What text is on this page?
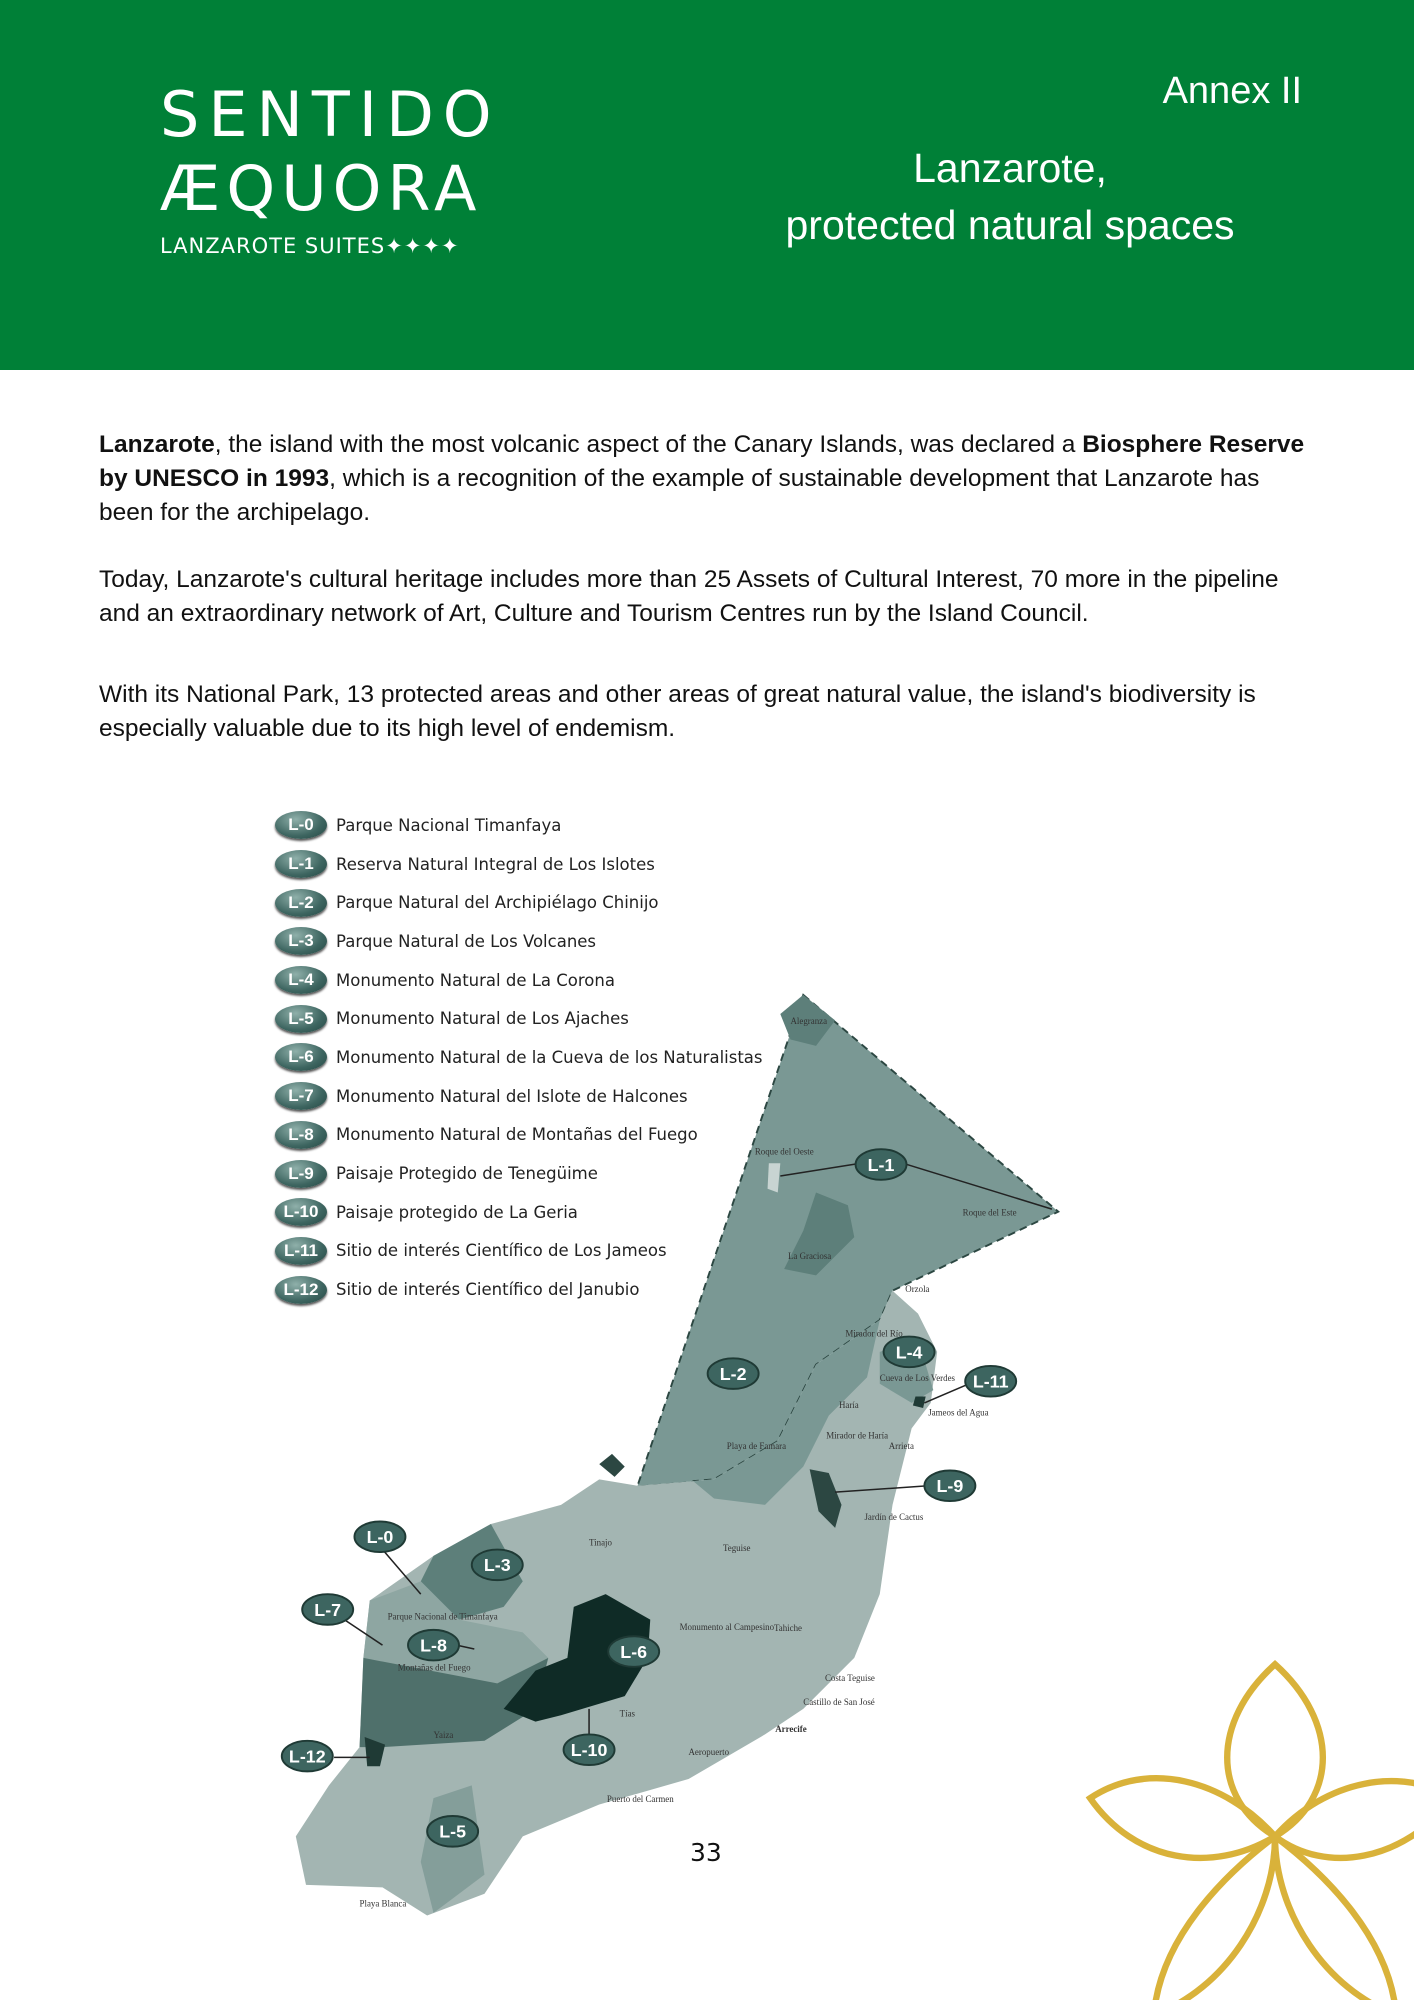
SENTIDO
ÆQUORA
LANZAROTE SUITES✦✦✦✦
Annex II
Lanzarote,
protected natural spaces
Lanzarote, the island with the most volcanic aspect of the Canary Islands, was declared a Biosphere Reserve by UNESCO in 1993, which is a recognition of the example of sustainable development that Lanzarote has been for the archipelago.
Today, Lanzarote's cultural heritage includes more than 25 Assets of Cultural Interest, 70 more in the pipeline and an extraordinary network of Art, Culture and Tourism Centres run by the Island Council.
With its National Park, 13 protected areas and other areas of great natural value, the island's biodiversity is especially valuable due to its high level of endemism.
Alegranza
Roque del Oeste
Roque del Este
La Graciosa
Orzola
Mirador del Río
Cueva de Los Verdes
Haría
Jameos del Agua
Playa de Famara
Mirador de Haría
Arrieta
Jardín de Cactus
Tinajo
Teguise
Parque Nacional de Timanfaya
Montañas del Fuego
Monumento al Campesino Tahiche
Costa Teguise
Castillo de San José
Arrecife
Tías
Yaiza
Aeropuerto
Puerto del Carmen
Playa Blanca
L-0
L-1
L-2
L-3
L-4
L-5
L-6
L-7
L-8
L-9
L-10
L-11
L-12
L-0	Parque Nacional Timanfaya
L-1	Reserva Natural Integral de Los Islotes
L-2	Parque Natural del Archipiélago Chinijo
L-3	Parque Natural de Los Volcanes
L-4	Monumento Natural de La Corona
L-5	Monumento Natural de Los Ajaches
L-6	Monumento Natural de la Cueva de los Naturalistas
L-7	Monumento Natural del Islote de Halcones
L-8	Monumento Natural de Montañas del Fuego
L-9	Paisaje Protegido de Tenegüime
L-10	Paisaje protegido de La Geria
L-11	Sitio de interés Científico de Los Jameos
L-12	Sitio de interés Científico del Janubio
33
